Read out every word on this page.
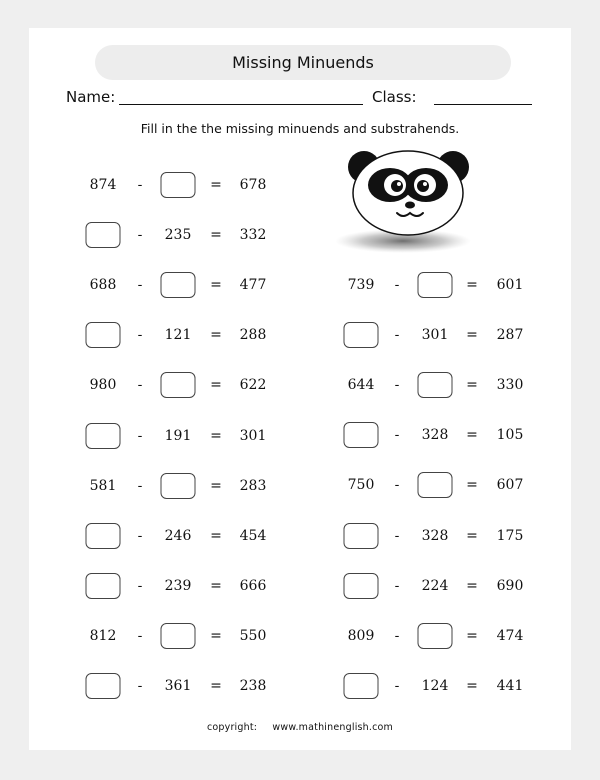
Missing Minuends
Name:	Class:
Fill in the the missing minuends and substrahends.
874 -	= 678
- 235 = 332
688 -	= 477
- 121 = 288
980 -	= 622
- 191 = 301
581 -	= 283
- 246 = 454
- 239 = 666
812 -	= 550
- 361 = 238
739 -	= 601
- 301 = 287
644 -	= 330
- 328 = 105
750 -	= 607
- 328 = 175
- 224 = 690
809 -	= 474
- 124 = 441
copyright: www.mathinenglish.com
